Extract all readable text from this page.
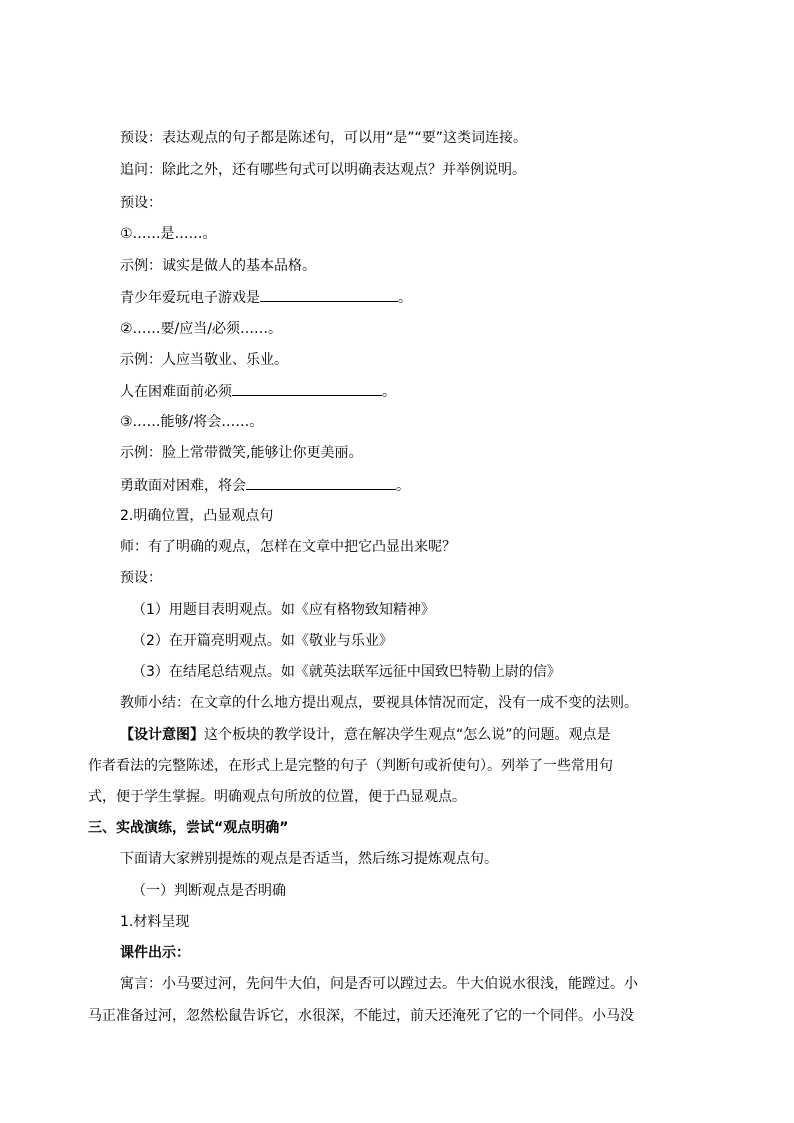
预设：表达观点的句子都是陈述句，可以用“是”“要”这类词连接。
追问：除此之外，还有哪些句式可以明确表达观点？并举例说明。
预设：
①……是……。
示例：诚实是做人的基本品格。
青少年爱玩电子游戏是	。
②……要/应当/必须……。
示例：人应当敬业、乐业。
人在困难面前必须	。
③……能够/将会……。
示例：脸上常带微笑,能够让你更美丽。
勇敢面对困难，将会	。
2.明确位置，凸显观点句
师：有了明确的观点，怎样在文章中把它凸显出来呢？
预设：
（1）用题目表明观点。如《应有格物致知精神》
（2）在开篇亮明观点。如《敬业与乐业》
（3）在结尾总结观点。如《就英法联军远征中国致巴特勒上尉的信》
教师小结：在文章的什么地方提出观点，要视具体情况而定，没有一成不变的法则。
【设计意图】这个板块的教学设计，意在解决学生观点“怎么说”的问题。观点是
作者看法的完整陈述，在形式上是完整的句子（判断句或祈使句）。列举了一些常用句
式，便于学生掌握。明确观点句所放的位置，便于凸显观点。
三、实战演练，尝试“观点明确”
下面请大家辨别提炼的观点是否适当，然后练习提炼观点句。
（一）判断观点是否明确
1.材料呈现
课件出示：
寓言：小马要过河，先问牛大伯，问是否可以蹚过去。牛大伯说水很浅，能蹚过。小
马正准备过河，忽然松鼠告诉它，水很深，不能过，前天还淹死了它的一个同伴。小马没
